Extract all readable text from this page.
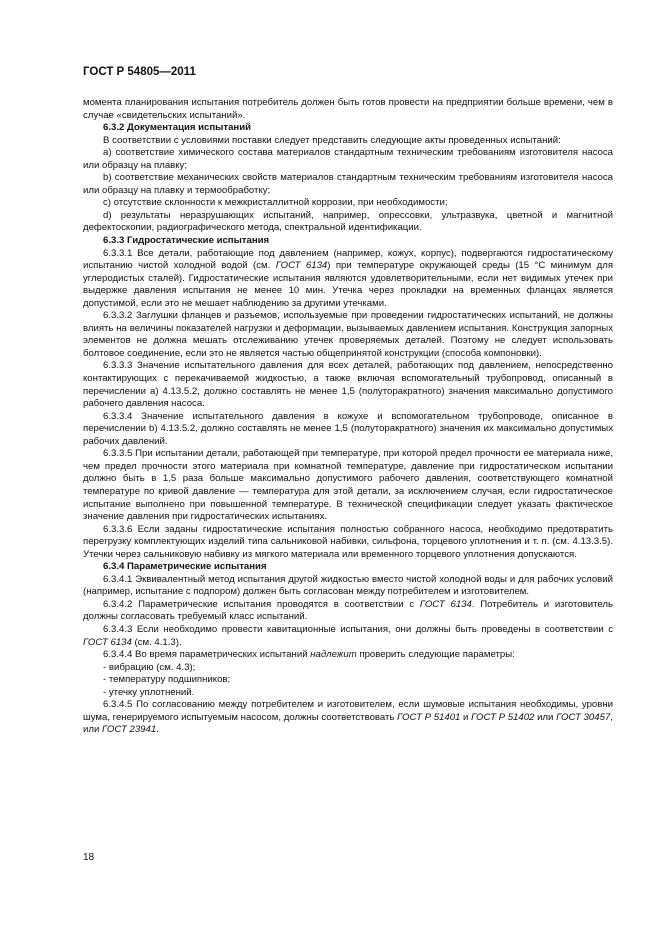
ГОСТ Р 54805—2011

момента планирования испытания потребитель должен быть готов провести на предприятии больше времени, чем в случае «свидетельских испытаний».

6.3.2 Документация испытаний

В соответствии с условиями поставки следует представить следующие акты проведенных испытаний:

a) соответствие химического состава материалов стандартным техническим требованиям изготовителя насоса или образцу на плавку;

b) соответствие механических свойств материалов стандартным техническим требованиям изготовителя насоса или образцу на плавку и термообработку;

c) отсутствие склонности к межкристаллитной коррозии, при необходимости;

d) результаты неразрушающих испытаний, например, опрессовки, ультразвука, цветной и магнитной дефектоскопии, радиографического метода, спектральной идентификации.

6.3.3 Гидростатические испытания

6.3.3.1 Все детали, работающие под давлением (например, кожух, корпус), подвергаются гидростатическому испытанию чистой холодной водой (см. ГОСТ 6134) при температуре окружающей среды (15 °С минимум для углеродистых сталей). Гидростатические испытания являются удовлетворительными, если нет видимых утечек при выдержке давления испытания не менее 10 мин. Утечка через прокладки на временных фланцах является допустимой, если это не мешает наблюдению за другими утечками.

6.3.3.2 Заглушки фланцев и разъемов, используемые при проведении гидростатических испытаний, не должны влиять на величины показателей нагрузки и деформации, вызываемых давлением испытания. Конструкция запорных элементов не должна мешать отслеживанию утечек проверяемых деталей. Поэтому не следует использовать болтовое соединение, если это не является частью общепринятой конструкции (способа компоновки).

6.3.3.3 Значение испытательного давления для всех деталей, работающих под давлением, непосредственно контактирующих с перекачиваемой жидкостью, а также включая вспомогательный трубопровод, описанный в перечислении a) 4.13.5.2, должно составлять не менее 1,5 (полуторакратного) значения максимально допустимого рабочего давления насоса.

6.3.3.4 Значение испытательного давления в кожухе и вспомогательном трубопроводе, описанное в перечислении b) 4.13.5.2, должно составлять не менее 1,5 (полуторакратного) значения их максимально допустимых рабочих давлений.

6.3.3.5 При испытании детали, работающей при температуре, при которой предел прочности ее материала ниже, чем предел прочности этого материала при комнатной температуре, давление при гидростатическом испытании должно быть в 1,5 раза больше максимально допустимого рабочего давления, соответствующего комнатной температуре по кривой давление — температура для этой детали, за исключением случая, если гидростатическое испытание выполнено при повышенной температуре. В технической спецификации следует указать фактическое значение давления при гидростатических испытаниях.

6.3.3.6 Если заданы гидростатические испытания полностью собранного насоса, необходимо предотвратить перегрузку комплектующих изделий типа сальниковой набивки, сильфона, торцевого уплотнения и т. п. (см. 4.13.3.5). Утечки через сальниковую набивку из мягкого материала или временного торцевого уплотнения допускаются.

6.3.4 Параметрические испытания

6.3.4.1 Эквивалентный метод испытания другой жидкостью вместо чистой холодной воды и для рабочих условий (например, испытание с подпором) должен быть согласован между потребителем и изготовителем.

6.3.4.2 Параметрические испытания проводятся в соответствии с ГОСТ 6134. Потребитель и изготовитель должны согласовать требуемый класс испытаний.

6.3.4.3 Если необходимо провести кавитационные испытания, они должны быть проведены в соответствии с ГОСТ 6134 (см. 4.1.3).

6.3.4.4 Во время параметрических испытаний надлежит проверить следующие параметры:

- вибрацию (см. 4.3);

- температуру подшипников;

- утечку уплотнений.

6.3.4.5 По согласованию между потребителем и изготовителем, если шумовые испытания необходимы, уровни шума, генерируемого испытуемым насосом, должны соответствовать ГОСТ Р 51401 и ГОСТ Р 51402 или ГОСТ 30457, или ГОСТ 23941.

18
